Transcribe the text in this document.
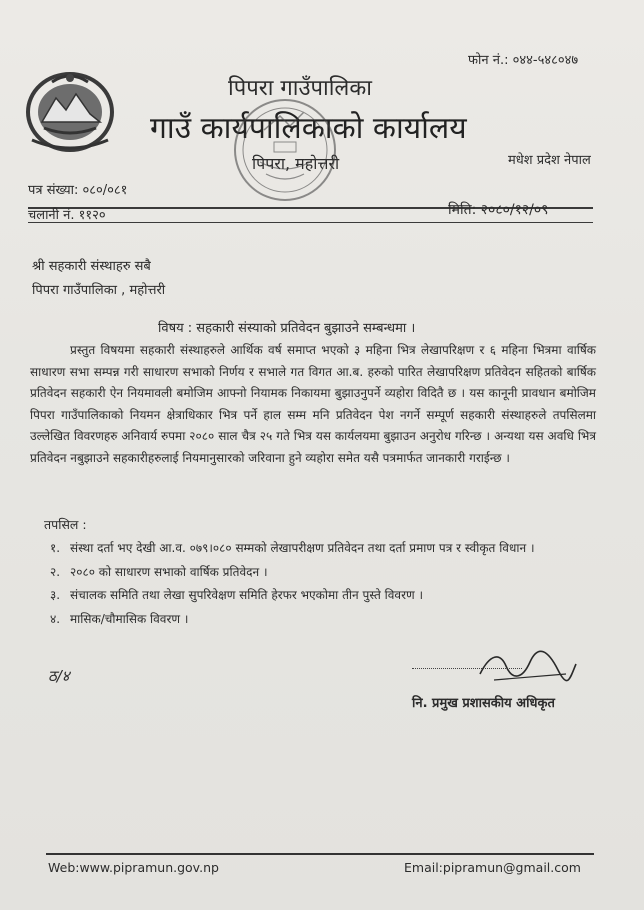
फोन नं.: ०४४-५४८०४७
पिपरा गाउँपालिका
गाउँ कार्यपालिकाको कार्यालय
पिपरा, महोत्तरी	मधेश प्रदेश नेपाल
पत्र संख्या: ०८०/०८१
चलानी नं. ११२०	मिति: २०८०/१२/०९
श्री सहकारी संस्थाहरु सबै
पिपरा गाउँपालिका , महोत्तरी
विषय : सहकारी संस्याको प्रतिवेदन बुझाउने सम्बन्धमा ।
प्रस्तुत विषयमा सहकारी संस्थाहरुले आर्थिक वर्ष समाप्त भएको ३ महिना भित्र लेखापरिक्षण र ६ महिना भित्रमा वार्षिक साधारण सभा सम्पन्न गरी साधारण सभाको निर्णय र सभाले गत विगत आ.ब. हरुको पारित लेखापरिक्षण प्रतिवेदन सहितको बार्षिक प्रतिवेदन सहकारी ऐन नियमावली बमोजिम आफ्नो नियामक निकायमा बुझाउनुपर्ने व्यहोरा विदितै छ । यस कानूनी प्रावधान बमोजिम पिपरा गाउँपालिकाको नियमन क्षेत्राधिकार भित्र पर्ने हाल सम्म मनि प्रतिवेदन पेश नगर्ने सम्पूर्ण सहकारी संस्थाहरुले तपसिलमा उल्लेखित विवरणहरु अनिवार्य रुपमा २०८० साल चैत्र २५ गते भित्र यस कार्यलयमा बुझाउन अनुरोध गरिन्छ । अन्यथा यस अवधि भित्र प्रतिवेदन नबुझाउने सहकारीहरुलाई नियमानुसारको जरिवाना हुने व्यहोरा समेत यसै पत्रमार्फत जानकारी गराईन्छ ।
तपसिल :
१. संस्था दर्ता भए देखी आ.व. ०७९।०८० सम्मको लेखापरीक्षण प्रतिवेदन तथा दर्ता प्रमाण पत्र र स्वीकृत विधान ।
२. २०८० को साधारण सभाको वार्षिक प्रतिवेदन ।
३. संचालक समिति तथा लेखा सुपरिवेक्षण समिति हेरफर भएकोमा तीन पुस्ते विवरण ।
४. मासिक/चौमासिक विवरण ।
ठ/४
नि. प्रमुख प्रशासकीय अधिकृत
Web:www.pipramun.gov.np	Email:pipramun@gmail.com
